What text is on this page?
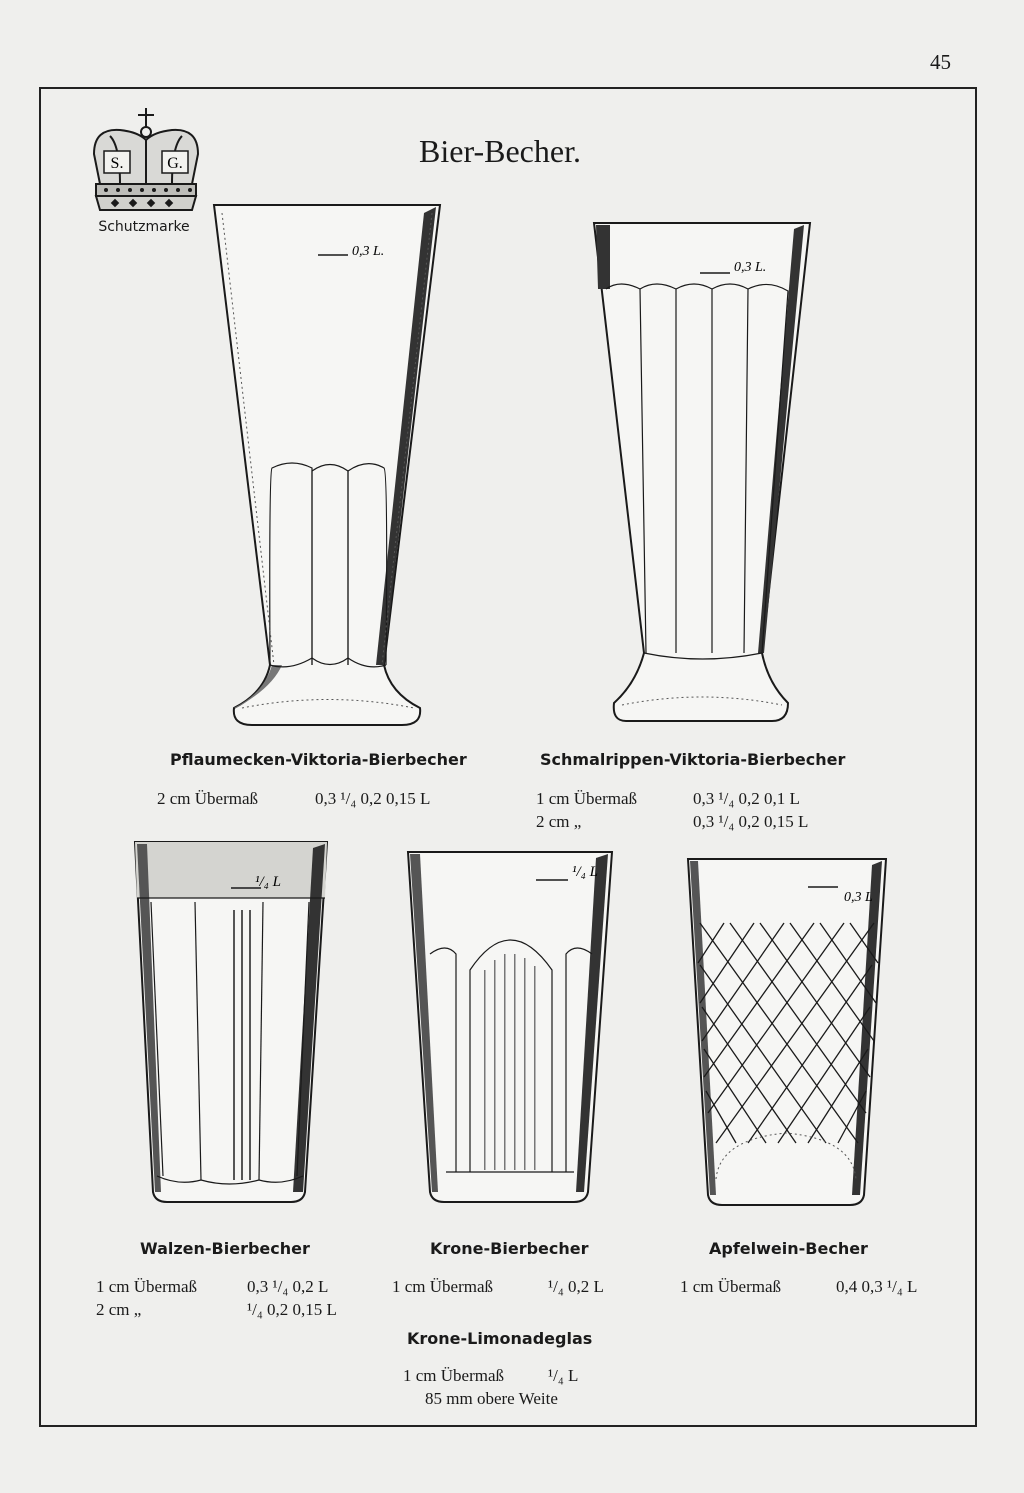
45
S.	G.
Schutzmarke
Bier-Becher.
0,3 L.
0,3 L.
Pflaumecken-Viktoria-Bierbecher
2 cm Übermaß	0,3 ¹/₄ 0,2 0,15 L
Schmalrippen-Viktoria-Bierbecher
1 cm Übermaß	0,3 ¹/₄ 0,2 0,1 L
2 cm „	0,3 ¹/₄ 0,2 0,15 L
¹/₄ L
¹/₄ L
0,3 L
Walzen-Bierbecher
1 cm Übermaß	0,3 ¹/₄ 0,2 L
2 cm „	¹/₄ 0,2 0,15 L
Krone-Bierbecher
1 cm Übermaß	¹/₄ 0,2 L
Apfelwein-Becher
1 cm Übermaß	0,4 0,3 ¹/₄ L
Krone-Limonadeglas
1 cm Übermaß	¹/₄ L
85 mm obere Weite
